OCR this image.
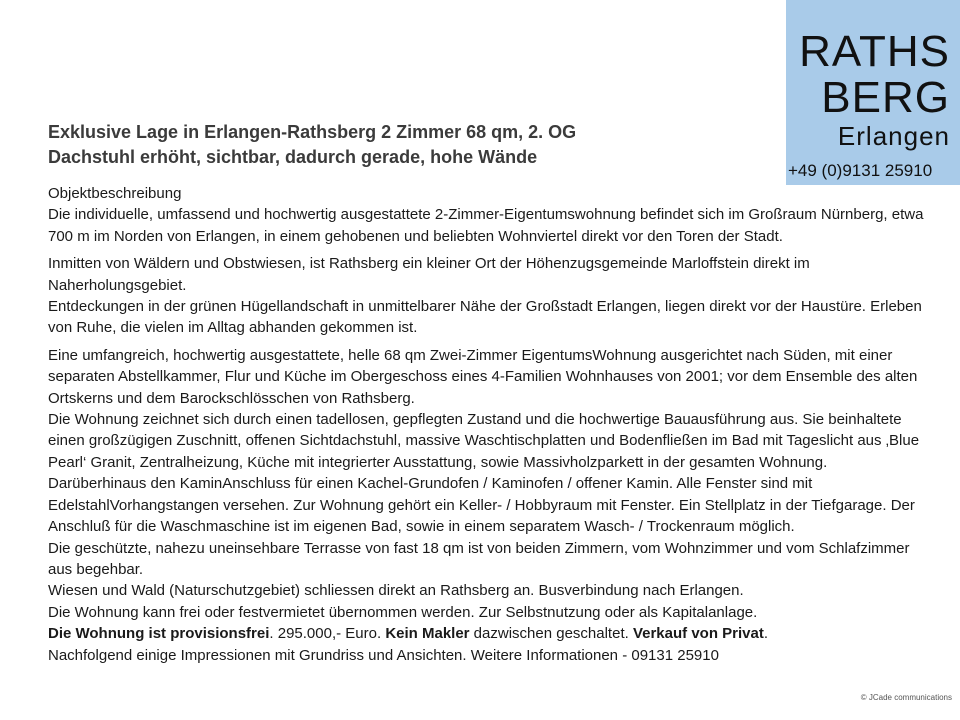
RATHS
BERG
Erlangen
+49 (0)9131 25910
Exklusive Lage in Erlangen-Rathsberg 2 Zimmer 68 qm, 2. OG
Dachstuhl erhöht, sichtbar, dadurch gerade, hohe Wände

Objektbeschreibung
Die individuelle, umfassend und hochwertig ausgestattete 2-Zimmer-Eigentumswohnung befindet sich im Großraum Nürnberg, etwa 700 m im Norden von Erlangen, in einem gehobenen und beliebten Wohnviertel direkt vor den Toren der Stadt.

Inmitten von Wäldern und Obstwiesen, ist Rathsberg ein kleiner Ort der Höhenzugsgemeinde Marloffstein direkt im Naherholungsgebiet.
Entdeckungen in der grünen Hügellandschaft in unmittelbarer Nähe der Großstadt Erlangen, liegen direkt vor der Haustüre. Erleben von Ruhe, die vielen im Alltag abhanden gekommen ist.

Eine umfangreich, hochwertig ausgestattete, helle 68 qm Zwei-Zimmer EigentumsWohnung ausgerichtet nach Süden, mit einer separaten Abstellkammer, Flur und Küche im Obergeschoss eines 4-Familien Wohnhauses von 2001; vor dem Ensemble des alten Ortskerns und dem Barockschlösschen von Rathsberg.
Die Wohnung zeichnet sich durch einen tadellosen, gepflegten Zustand und die hochwertige Bauausführung aus. Sie beinhaltete einen großzügigen Zuschnitt, offenen Sichtdachstuhl, massive Waschtischplatten und Bodenfließen im Bad mit Tageslicht aus ‚Blue Pearl‘ Granit, Zentralheizung, Küche mit integrierter Ausstattung, sowie Massivholzparkett in der gesamten Wohnung. Darüberhinaus den KaminAnschluss für einen Kachel-Grundofen / Kaminofen / offener Kamin. Alle Fenster sind mit EdelstahlVorhangstangen versehen. Zur Wohnung gehört ein Keller- / Hobbyraum mit Fenster. Ein Stellplatz in der Tiefgarage. Der Anschluß für die Waschmaschine ist im eigenen Bad, sowie in einem separatem Wasch- / Trockenraum möglich.
Die geschützte, nahezu uneinsehbare Terrasse von fast 18 qm ist von beiden Zimmern, vom Wohnzimmer und vom Schlafzimmer aus begehbar.
Wiesen und Wald (Naturschutzgebiet) schliessen direkt an Rathsberg an. Busverbindung nach Erlangen.
Die Wohnung kann frei oder festvermietet übernommen werden. Zur Selbstnutzung oder als Kapitalanlage.
Die Wohnung ist provisionsfrei. 295.000,- Euro. Kein Makler dazwischen geschaltet. Verkauf von Privat.
Nachfolgend einige Impressionen mit Grundriss und Ansichten. Weitere Informationen - 09131 25910

© JCade communications
